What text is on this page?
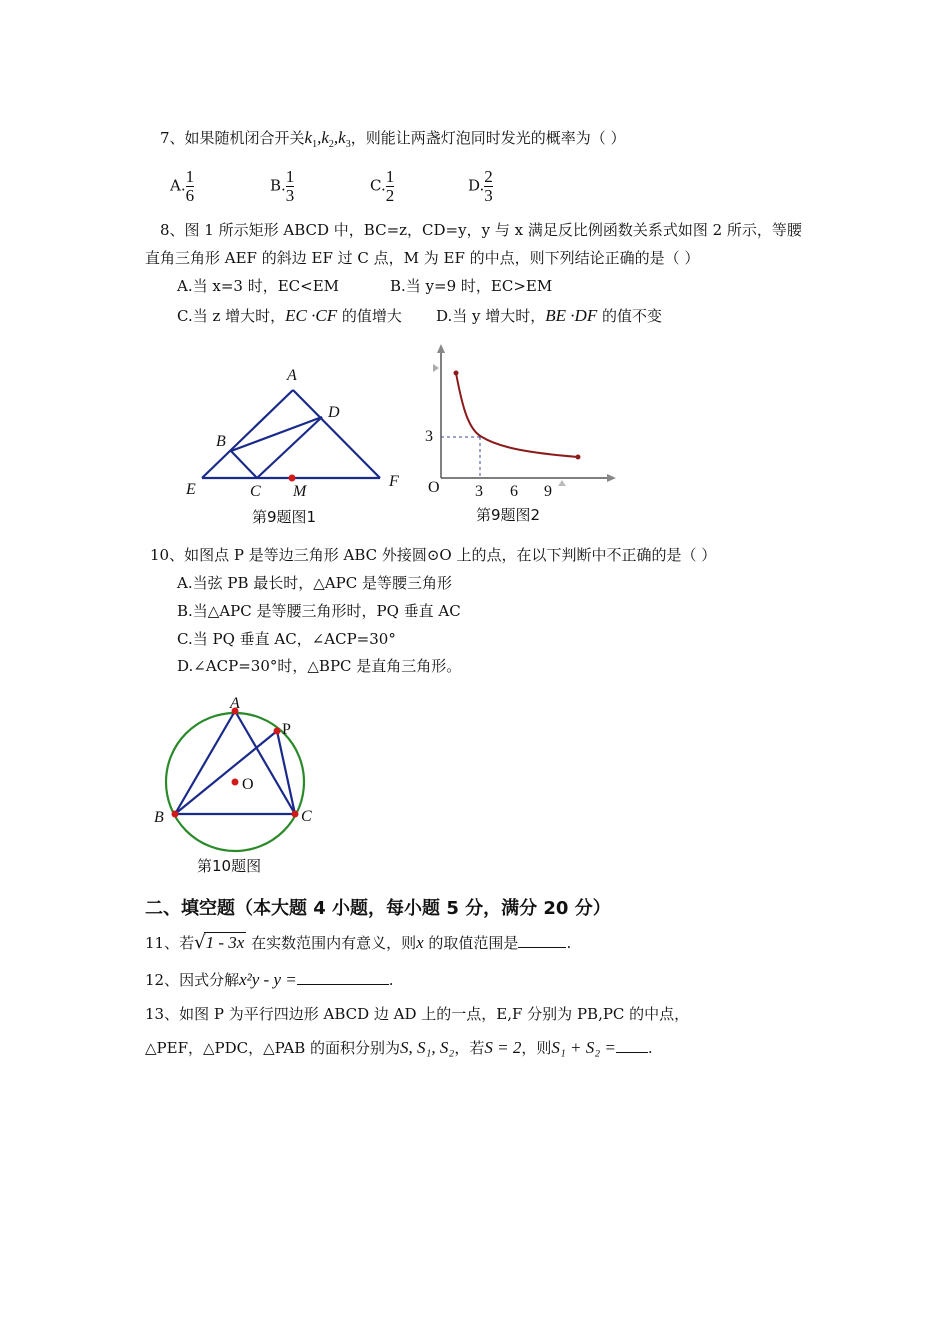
7、如果随机闭合开关$k_1,k_2,k_3$，则能让两盏灯泡同时发光的概率为（ ）
A. $\frac{1}{6}$	B. $\frac{1}{3}$	C. $\frac{1}{2}$	D. $\frac{2}{3}$
8、图 1 所示矩形 ABCD 中，BC=z，CD=y，y 与 x 满足反比例函数关系式如图 2 所示，等腰
直角三角形 AEF 的斜边 EF 过 C 点，M 为 EF 的中点，则下列结论正确的是（ ）
A.当 x=3 时，EC<EM	B.当 y=9 时，EC>EM
C.当 z 增大时，EC ·CF 的值增大 D.当 y 增大时，BE ·DF 的值不变
A
B
D
E	C M
F
第9题图1
3
O 3 6 9
第9题图2
10、如图点 P 是等边三角形 ABC 外接圆⊙O 上的点，在以下判断中不正确的是（ ）
A.当弦 PB 最长时，△APC 是等腰三角形
B.当△APC 是等腰三角形时，PQ 垂直 AC
C.当 PQ 垂直 AC，∠ACP=30°
D.∠ACP=30°时，△BPC 是直角三角形。
A
P
O
B	C
第10题图
二、填空题（本大题 4 小题，每小题 5 分，满分 20 分）
11、若√1 - 3x 在实数范围内有意义，则x 的取值范围是	.
12、因式分解x²y - y =	.
13、如图 P 为平行四边形 ABCD 边 AD 上的一点，E,F 分别为 PB,PC 的中点，
△PEF，△PDC，△PAB 的面积分别为S, S₁, S₂，若S = 2，则S₁ + S₂ = .
